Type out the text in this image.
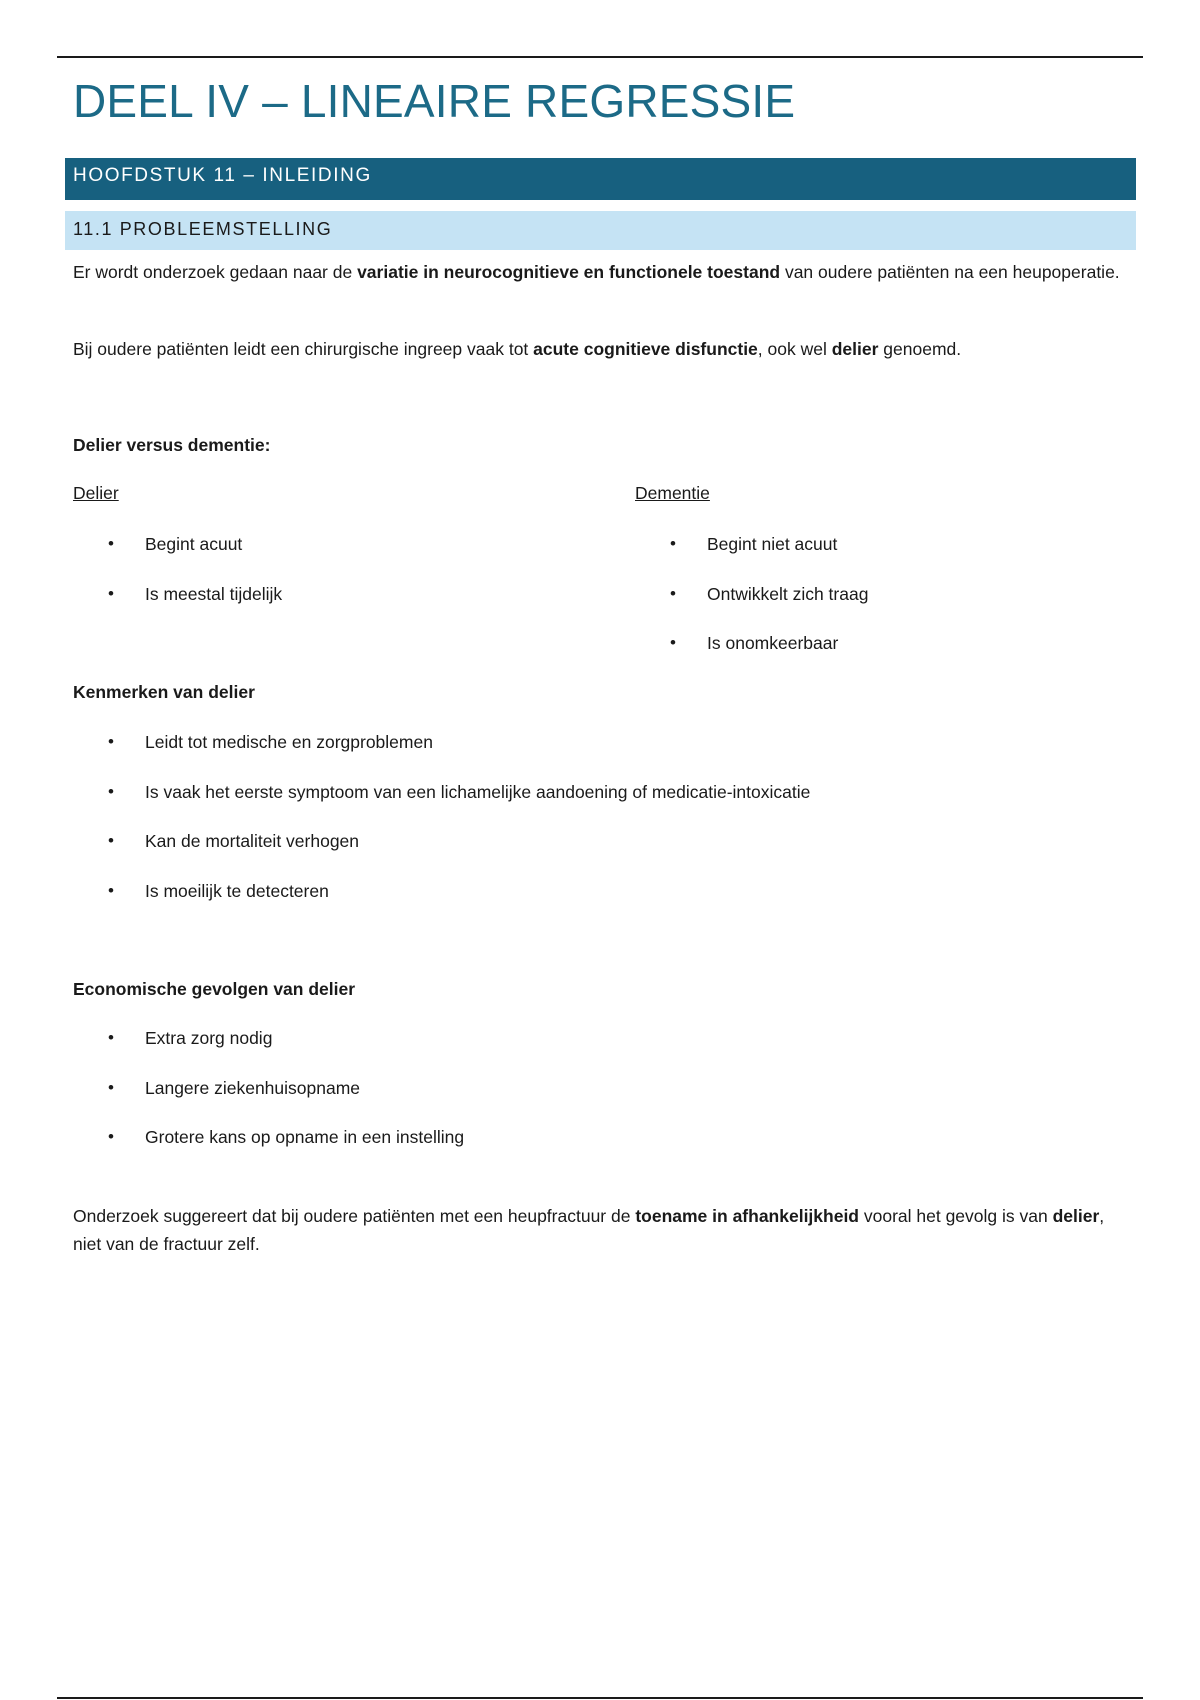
DEEL IV – LINEAIRE REGRESSIE
HOOFDSTUK 11 – INLEIDING
11.1 PROBLEEMSTELLING

Er wordt onderzoek gedaan naar de variatie in neurocognitieve en functionele toestand van oudere patiënten na een heupoperatie.

Bij oudere patiënten leidt een chirurgische ingreep vaak tot acute cognitieve disfunctie, ook wel delier genoemd.

Delier versus dementie:
Delier	Dementie
• Begint acuut
• Is meestal tijdelijk
• Begint niet acuut
• Ontwikkelt zich traag
• Is onomkeerbaar
Kenmerken van delier
• Leidt tot medische en zorgproblemen
• Is vaak het eerste symptoom van een lichamelijke aandoening of medicatie-intoxicatie
• Kan de mortaliteit verhogen
• Is moeilijk te detecteren
Economische gevolgen van delier
• Extra zorg nodig
• Langere ziekenhuisopname
• Grotere kans op opname in een instelling

Onderzoek suggereert dat bij oudere patiënten met een heupfractuur de toename in afhankelijkheid vooral het gevolg is van delier, niet van de fractuur zelf.
